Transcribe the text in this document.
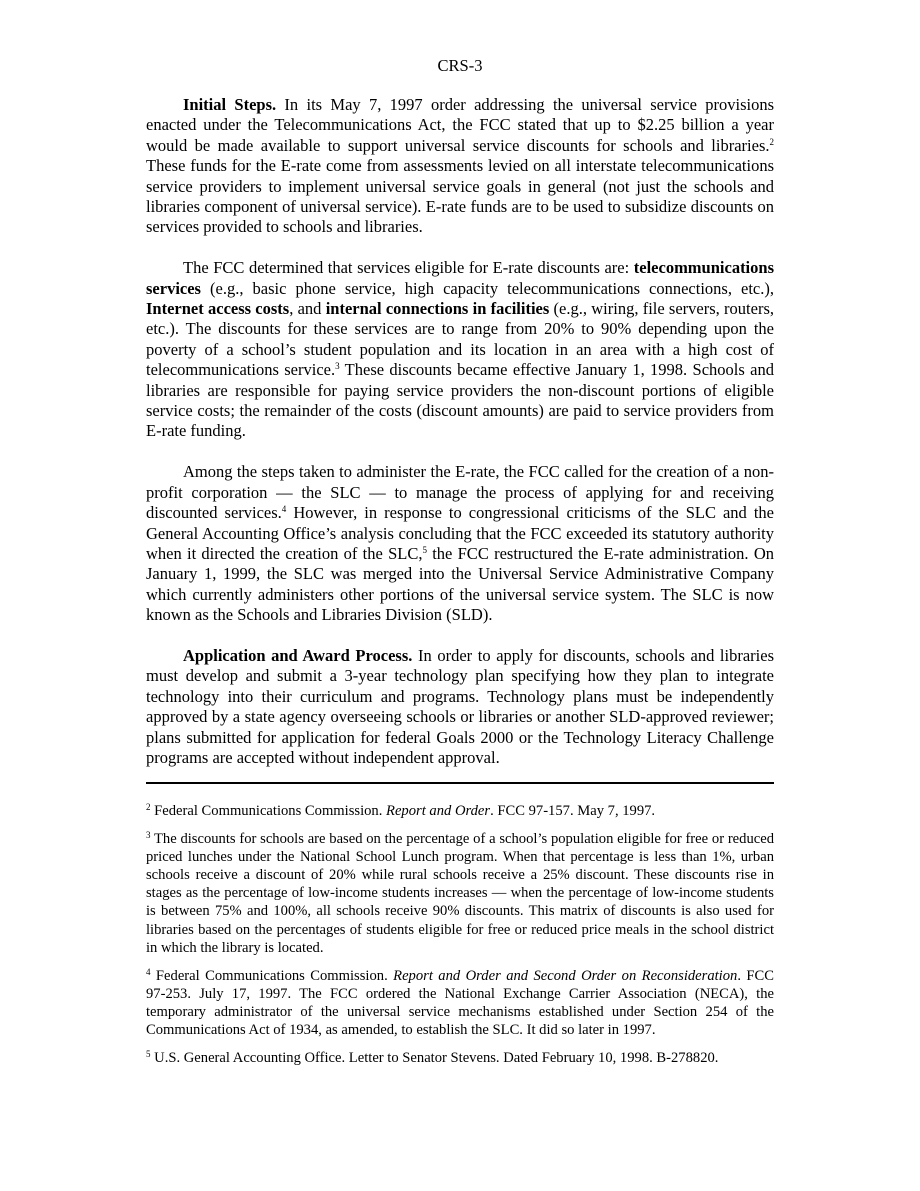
CRS-3

Initial Steps. In its May 7, 1997 order addressing the universal service provisions enacted under the Telecommunications Act, the FCC stated that up to $2.25 billion a year would be made available to support universal service discounts for schools and libraries.$^2$ These funds for the E-rate come from assessments levied on all interstate telecommunications service providers to implement universal service goals in general (not just the schools and libraries component of universal service). E-rate funds are to be used to subsidize discounts on services provided to schools and libraries.

The FCC determined that services eligible for E-rate discounts are: telecommunications services (e.g., basic phone service, high capacity telecommunications connections, etc.), Internet access costs, and internal connections in facilities (e.g., wiring, file servers, routers, etc.). The discounts for these services are to range from 20% to 90% depending upon the poverty of a school’s student population and its location in an area with a high cost of telecommunications service.$^3$ These discounts became effective January 1, 1998. Schools and libraries are responsible for paying service providers the non-discount portions of eligible service costs; the remainder of the costs (discount amounts) are paid to service providers from E-rate funding.

Among the steps taken to administer the E-rate, the FCC called for the creation of a non-profit corporation — the SLC — to manage the process of applying for and receiving discounted services.$^4$ However, in response to congressional criticisms of the SLC and the General Accounting Office’s analysis concluding that the FCC exceeded its statutory authority when it directed the creation of the SLC,$^5$ the FCC restructured the E-rate administration. On January 1, 1999, the SLC was merged into the Universal Service Administrative Company which currently administers other portions of the universal service system. The SLC is now known as the Schools and Libraries Division (SLD).

Application and Award Process. In order to apply for discounts, schools and libraries must develop and submit a 3-year technology plan specifying how they plan to integrate technology into their curriculum and programs. Technology plans must be independently approved by a state agency overseeing schools or libraries or another SLD-approved reviewer; plans submitted for application for federal Goals 2000 or the Technology Literacy Challenge programs are accepted without independent approval.

$^2$ Federal Communications Commission. Report and Order. FCC 97-157. May 7, 1997.

$^3$ The discounts for schools are based on the percentage of a school’s population eligible for free or reduced priced lunches under the National School Lunch program. When that percentage is less than 1%, urban schools receive a discount of 20% while rural schools receive a 25% discount. These discounts rise in stages as the percentage of low-income students increases — when the percentage of low-income students is between 75% and 100%, all schools receive 90% discounts. This matrix of discounts is also used for libraries based on the percentages of students eligible for free or reduced price meals in the school district in which the library is located.

$^4$ Federal Communications Commission. Report and Order and Second Order on Reconsideration. FCC 97-253. July 17, 1997. The FCC ordered the National Exchange Carrier Association (NECA), the temporary administrator of the universal service mechanisms established under Section 254 of the Communications Act of 1934, as amended, to establish the SLC. It did so later in 1997.

$^5$ U.S. General Accounting Office. Letter to Senator Stevens. Dated February 10, 1998. B-278820.
